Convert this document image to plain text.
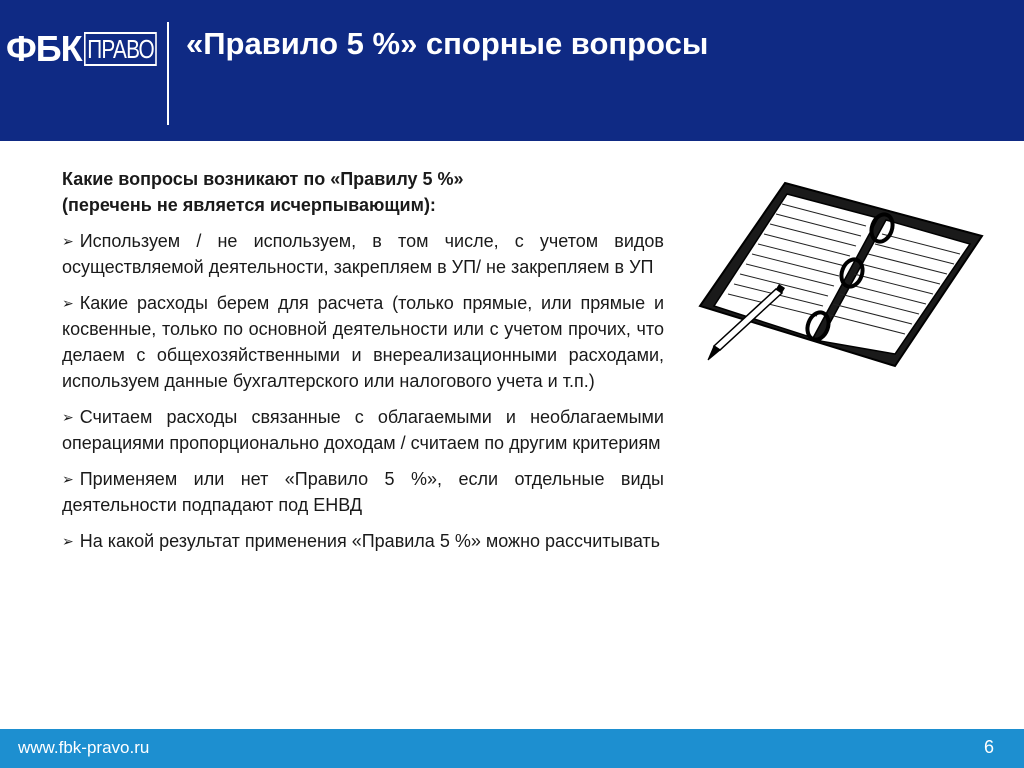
ФБК ПРАВО «Правило 5 %» спорные вопросы
Какие вопросы возникают по «Правилу 5 %»
(перечень не является исчерпывающим):
➢ Используем / не используем, в том числе, с учетом видов осуществляемой деятельности, закрепляем в УП/ не закрепляем в УП
➢ Какие расходы берем для расчета (только прямые, или прямые и косвенные, только по основной деятельности или с учетом прочих, что делаем с общехозяйственными и внереализационными расходами, используем данные бухгалтерского или налогового учета и т.п.)
➢ Считаем расходы связанные с облагаемыми и необлагаемыми операциями пропорционально доходам / считаем по другим критериям
➢ Применяем или нет «Правило 5 %», если отдельные виды деятельности подпадают под ЕНВД
➢ На какой результат применения «Правила 5 %» можно рассчитывать
www.fbk-pravo.ru	6
